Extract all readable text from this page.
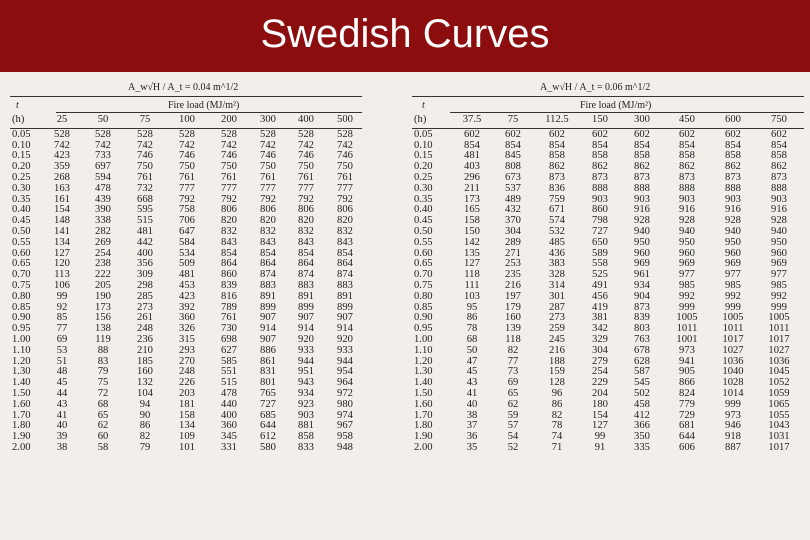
Swedish Curves
A_w√H / A_t = 0.04 m^1/2
t	Fire load (MJ/m²)
(h)	25	50	75	100	200	300	400	500

0.05	528	528	528	528	528	528	528	528
0.10	742	742	742	742	742	742	742	742
0.15	423	733	746	746	746	746	746	746
0.20	359	697	750	750	750	750	750	750
0.25	268	594	761	761	761	761	761	761
0.30	163	478	732	777	777	777	777	777
0.35	161	439	668	792	792	792	792	792
0.40	154	390	595	758	806	806	806	806
0.45	148	338	515	706	820	820	820	820
0.50	141	282	481	647	832	832	832	832
0.55	134	269	442	584	843	843	843	843
0.60	127	254	400	534	854	854	854	854
0.65	120	238	356	509	864	864	864	864
0.70	113	222	309	481	860	874	874	874
0.75	106	205	298	453	839	883	883	883
0.80	99	190	285	423	816	891	891	891
0.85	92	173	273	392	789	899	899	899
0.90	85	156	261	360	761	907	907	907
0.95	77	138	248	326	730	914	914	914
1.00	69	119	236	315	698	907	920	920
1.10	53	88	210	293	627	886	933	933
1.20	51	83	185	270	585	861	944	944
1.30	48	79	160	248	551	831	951	954
1.40	45	75	132	226	515	801	943	964
1.50	44	72	104	203	478	765	934	972
1.60	43	68	94	181	440	727	923	980
1.70	41	65	90	158	400	685	903	974
1.80	40	62	86	134	360	644	881	967
1.90	39	60	82	109	345	612	858	958
2.00	38	58	79	101	331	580	833	948
A_w√H / A_t = 0.06 m^1/2
t	Fire load (MJ/m²)
(h)	37.5	75	112.5	150	300	450	600	750

0.05	602	602	602	602	602	602	602	602
0.10	854	854	854	854	854	854	854	854
0.15	481	845	858	858	858	858	858	858
0.20	403	808	862	862	862	862	862	862
0.25	296	673	873	873	873	873	873	873
0.30	211	537	836	888	888	888	888	888
0.35	173	489	759	903	903	903	903	903
0.40	165	432	671	860	916	916	916	916
0.45	158	370	574	798	928	928	928	928
0.50	150	304	532	727	940	940	940	940
0.55	142	289	485	650	950	950	950	950
0.60	135	271	436	589	960	960	960	960
0.65	127	253	383	558	969	969	969	969
0.70	118	235	328	525	961	977	977	977
0.75	111	216	314	491	934	985	985	985
0.80	103	197	301	456	904	992	992	992
0.85	95	179	287	419	873	999	999	999
0.90	86	160	273	381	839	1005	1005	1005
0.95	78	139	259	342	803	1011	1011	1011
1.00	68	118	245	329	763	1001	1017	1017
1.10	50	82	216	304	678	973	1027	1027
1.20	47	77	188	279	628	941	1036	1036
1.30	45	73	159	254	587	905	1040	1045
1.40	43	69	128	229	545	866	1028	1052
1.50	41	65	96	204	502	824	1014	1059
1.60	40	62	86	180	458	779	999	1065
1.70	38	59	82	154	412	729	973	1055
1.80	37	57	78	127	366	681	946	1043
1.90	36	54	74	99	350	644	918	1031
2.00	35	52	71	91	335	606	887	1017
